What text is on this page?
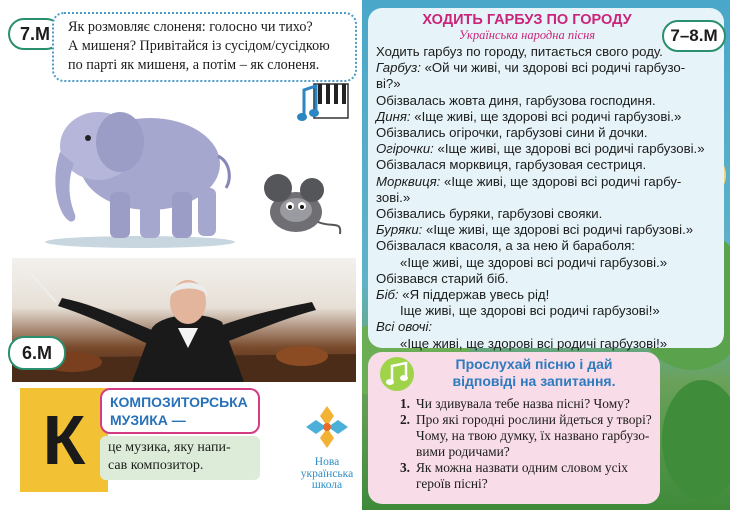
7.М	Як розмовляє слоненя: голосно чи тихо?
А мишеня? Привітайся із сусідом/сусідкою
по парті як мишеня, а потім – як слоненя.
6.М
К	КОМПОЗИТОРСЬКА
МУЗИКА —
це музика, яку напи-
сав композитор.	Нова
українська
школа
ХОДИТЬ ГАРБУЗ ПО ГОРОДУ
Українська народна пісня
Ходить гарбуз по городу, питається свого роду.
Гарбуз: «Ой чи живі, чи здорові всі родичі гарбузо-
ві?»
Обізвалась жовта диня, гарбузова господиня.
Диня: «Іще живі, ще здорові всі родичі гарбузові.»
Обізвались огірочки, гарбузові сини й дочки.
Огірочки: «Іще живі, ще здорові всі родичі гарбузові.»
Обізвалася морквиця, гарбузовая сестриця.
Морквиця: «Іще живі, ще здорові всі родичі гарбу-
зові.»
Обізвались буряки, гарбузові свояки.
Буряки: «Іще живі, ще здорові всі родичі гарбузові.»
Обізвалася квасоля, а за нею й бараболя:
«Іще живі, ще здорові всі родичі гарбузові.»
Обізвався старий біб.
Біб: «Я піддержав увесь рід!
Іще живі, ще здорові всі родичі гарбузові!»
Всі овочі:
«Іще живі, ще здорові всі родичі гарбузові!»
7–8.М
Прослухай пісню і дай
відповіді на запитання.
1. Чи здивувала тебе назва пісні? Чому?
2. Про які городні рослини йдеться у творі?
Чому, на твою думку, їх названо гарбузо-
вими родичами?
3. Як можна назвати одним словом усіх
героїв пісні?
